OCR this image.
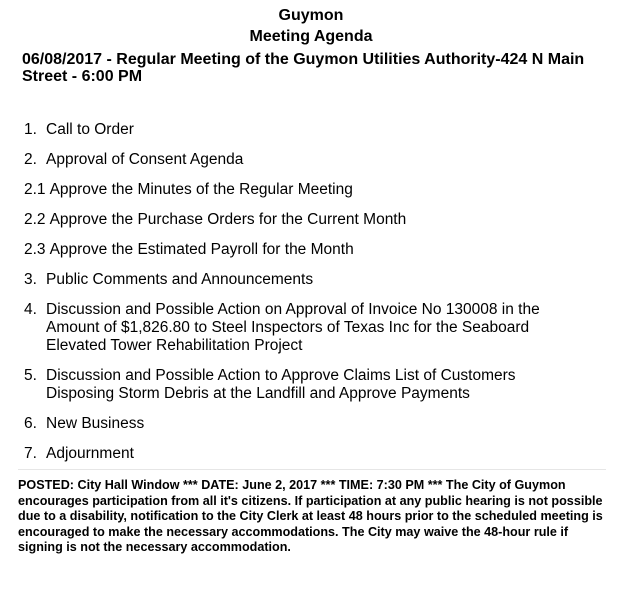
Guymon
Meeting Agenda
06/08/2017 - Regular Meeting of the Guymon Utilities Authority-424 N Main Street - 6:00 PM
1. Call to Order
2. Approval of Consent Agenda
2.1 Approve the Minutes of the Regular Meeting
2.2 Approve the Purchase Orders for the Current Month
2.3 Approve the Estimated Payroll for the Month
3. Public Comments and Announcements
4. Discussion and Possible Action on Approval of Invoice No 130008 in the Amount of $1,826.80 to Steel Inspectors of Texas Inc for the Seaboard Elevated Tower Rehabilitation Project
5. Discussion and Possible Action to Approve Claims List of Customers Disposing Storm Debris at the Landfill and Approve Payments
6. New Business
7. Adjournment
POSTED: City Hall Window *** DATE: June 2, 2017 *** TIME: 7:30 PM *** The City of Guymon encourages participation from all it's citizens. If participation at any public hearing is not possible due to a disability, notification to the City Clerk at least 48 hours prior to the scheduled meeting is encouraged to make the necessary accommodations. The City may waive the 48-hour rule if signing is not the necessary accommodation.
